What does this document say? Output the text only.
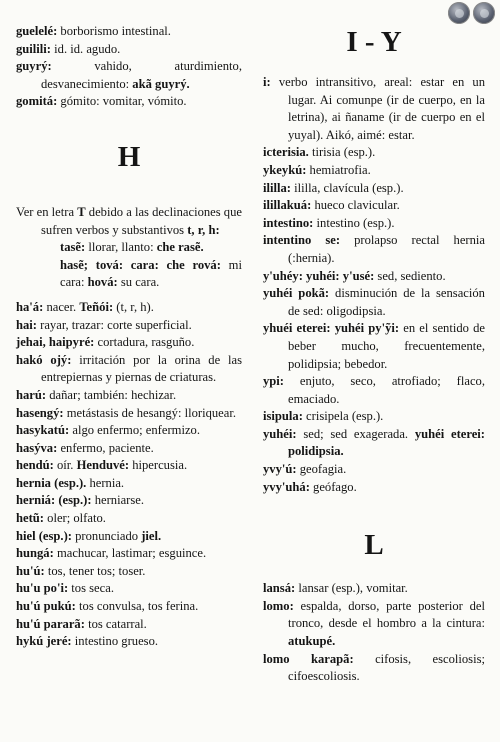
guelelé: borborismo intestinal.

guilili: id. id. agudo.

guyrý: vahido, aturdimiento, desvanecimiento: akã guyrý.

gomitá: gómito: vomitar, vómito.

H

Ver en letra T debido a las declinaciones que sufren verbos y substantivos t, r, h:

tasẽ: llorar, llanto: che rasẽ.

hasẽ; tová: cara: che rová: mi cara: hová: su cara.

ha'á: nacer. Teñói: (t, r, h).

hai: rayar, trazar: corte superficial.

jehai, haipyré: cortadura, rasguño.

hakó ojý: irritación por la orina de las entrepiernas y piernas de criaturas.

harú: dañar; también: hechizar.

hasengý: metástasis de hesangý: lloriquear.

hasykatú: algo enfermo; enfermizo.

hasýva: enfermo, paciente.

hendú: oír. Henduvé: hipercusia.

hernia (esp.). hernia.

herniá: (esp.): herniarse.

hetũ: oler; olfato.

hiel (esp.): pronunciado jiel.

hungá: machucar, lastimar; esguince.

hu'ú: tos, tener tos; toser.

hu'u po'i: tos seca.

hu'ú pukú: tos convulsa, tos ferina.

hu'ú pararã: tos catarral.

hykú jeré: intestino grueso.

I - Y

i: verbo intransitivo, areal: estar en un lugar. Ai comunpe (ir de cuerpo, en la letrina), ai ñaname (ir de cuerpo en el yuyal). Aikó, aimé: estar.

icterisia. tirisia (esp.).

ykeykú: hemiatrofia.

ililla: ililla, clavícula (esp.).

ilillakuá: hueco clavicular.

intestino: intestino (esp.).

intentino se: prolapso rectal hernia (:hernia).

y'uhéy: yuhéi: y'usé: sed, sediento.

yuhéi pokã: disminución de la sensación de sed: oligodipsia.

yhuéi eterei: yuhéi py'ỹi: en el sentido de beber mucho, frecuentemente, polidipsia; bebedor.

ypi: enjuto, seco, atrofiado; flaco, emaciado.

isipula: crisipela (esp.).

yuhéi: sed; sed exagerada. yuhéi eterei: polidipsia.

yvy'ú: geofagia.

yvy'uhá: geófago.

L

lansá: lansar (esp.), vomitar.

lomo: espalda, dorso, parte posterior del tronco, desde el hombro a la cintura: atukupé.

lomo karapã: cifosis, escoliosis; cifoescoliosis.
